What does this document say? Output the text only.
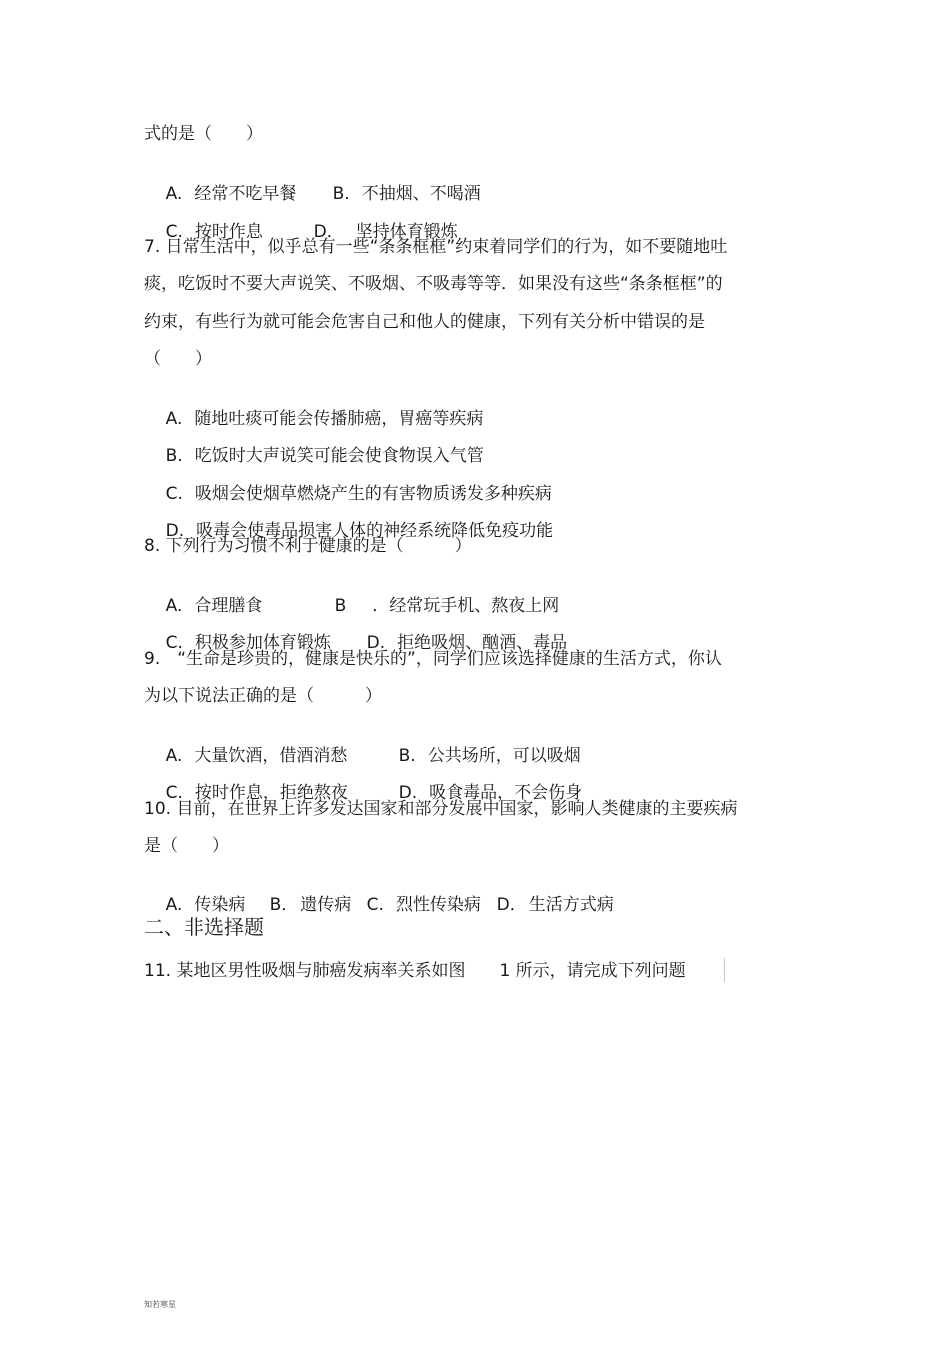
式的是（　　）

A. 经常不吃早餐
	B. 不抽烟、不喝酒

C. 按时作息
	D． 坚持体育锻炼

7. 日常生活中，似乎总有一些“条条框框”约束着同学们的行为，如不要随地吐
痰，吃饭时不要大声说笑、不吸烟、不吸毒等等．如果没有这些“条条框框”的
约束，有些行为就可能会危害自己和他人的健康，下列有关分析中错误的是
（　　）

A. 随地吐痰可能会传播肺癌，胃癌等疾病

B. 吃饭时大声说笑可能会使食物误入气管

C. 吸烟会使烟草燃烧产生的有害物质诱发多种疾病

D. 吸毒会使毒品损害人体的神经系统降低免疫功能

8. 下列行为习惯不利于健康的是（　　　）

A. 合理膳食
	B ．经常玩手机、熬夜上网

C. 积极参加体育锻炼
	D. 拒绝吸烟、酗酒、毒品

9.　“生命是珍贵的，健康是快乐的”，同学们应该选择健康的生活方式，你认
为以下说法正确的是（　　　）

A. 大量饮酒，借酒消愁
	B. 公共场所，可以吸烟

C. 按时作息，拒绝熬夜
	D. 吸食毒品，不会伤身

10. 目前，在世界上许多发达国家和部分发展中国家，影响人类健康的主要疾病
是（　　）

A. 传染病
	B． 遗传病
C. 烈性传染病
D． 生活方式病

二、非选择题
11. 某地区男性吸烟与肺癌发病率关系如图　　1 所示，请完成下列问题
知若寒星
